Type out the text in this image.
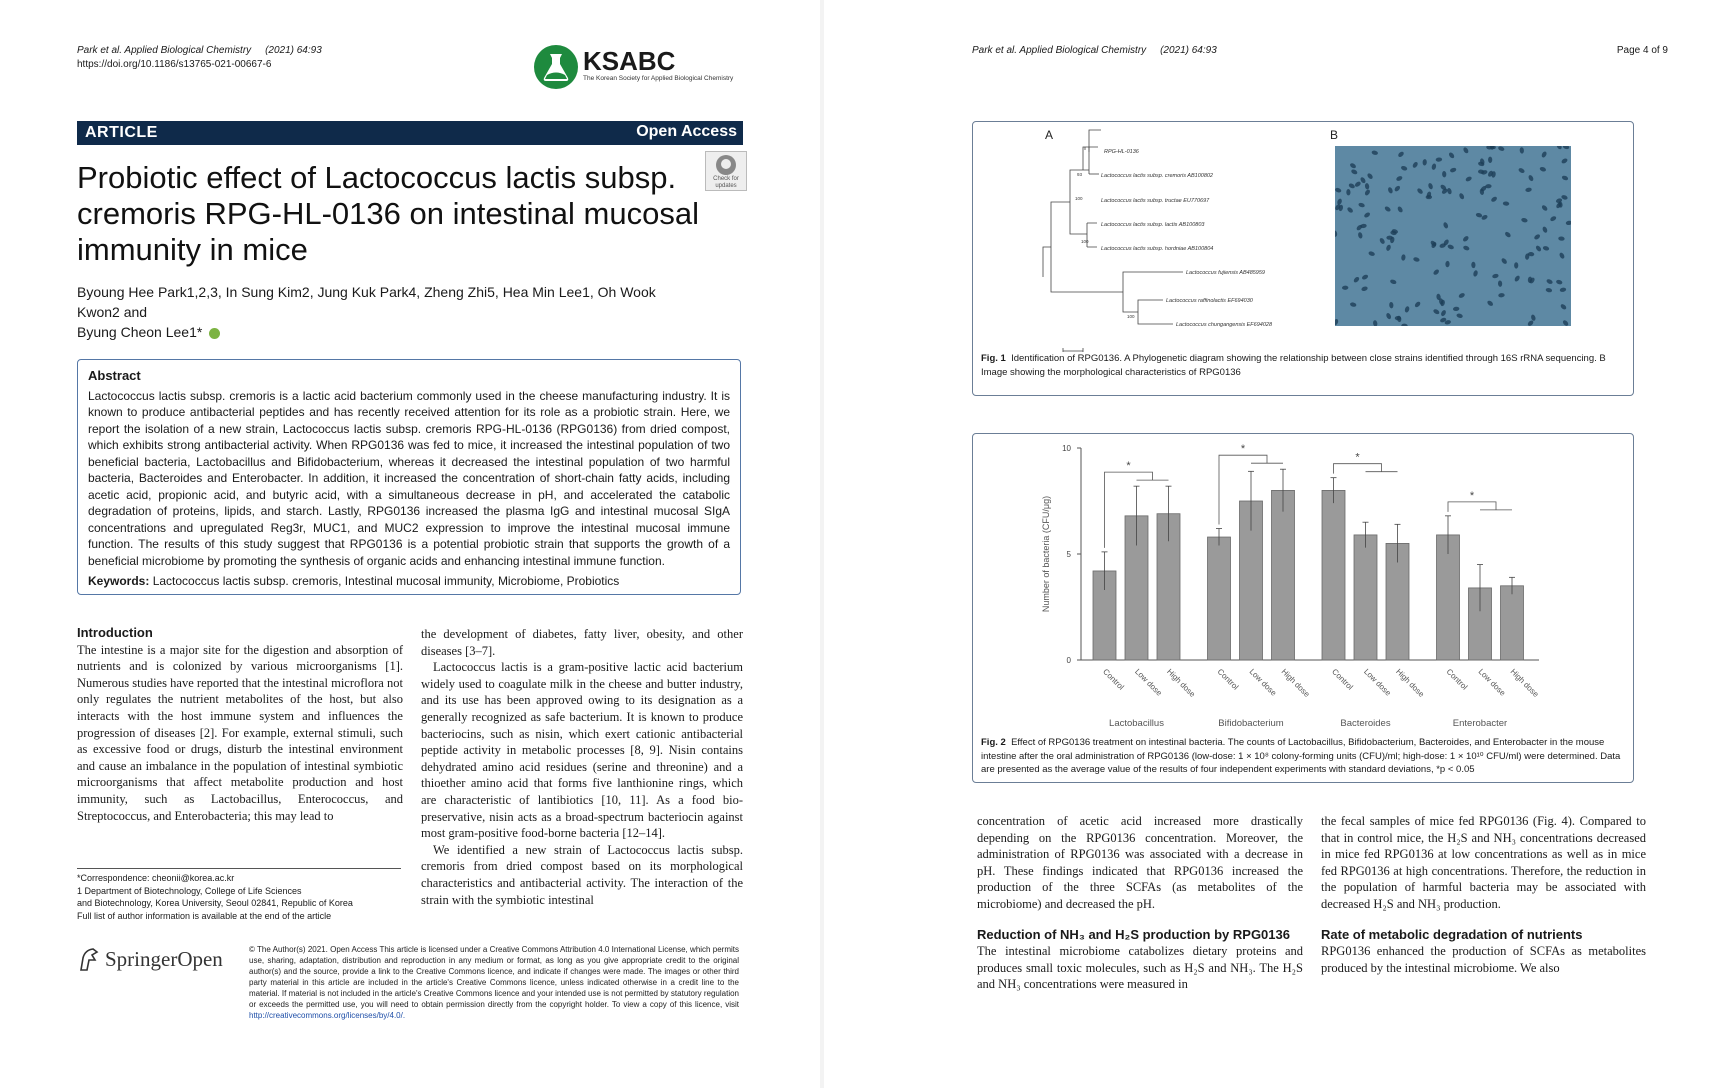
Park et al. Applied Biological Chemistry (2021) 64:93
https://doi.org/10.1186/s13765-021-00667-6	KSABC
The Korean Society for Applied Biological Chemistry
ARTICLE	Open Access
Check for updates
Probiotic effect of Lactococcus lactis subsp.
cremoris RPG-HL-0136 on intestinal mucosal
immunity in mice
Byoung Hee Park1,2,3, In Sung Kim2, Jung Kuk Park4, Zheng Zhi5, Hea Min Lee1, Oh Wook Kwon2 and
Byung Cheon Lee1*
Abstract

Lactococcus lactis subsp. cremoris is a lactic acid bacterium commonly used in the cheese manufacturing industry. It is known to produce antibacterial peptides and has recently received attention for its role as a probiotic strain. Here, we report the isolation of a new strain, Lactococcus lactis subsp. cremoris RPG-HL-0136 (RPG0136) from dried compost, which exhibits strong antibacterial activity. When RPG0136 was fed to mice, it increased the intestinal population of two beneficial bacteria, Lactobacillus and Bifidobacterium, whereas it decreased the intestinal population of two harmful bacteria, Bacteroides and Enterobacter. In addition, it increased the concentration of short-chain fatty acids, including acetic acid, propionic acid, and butyric acid, with a simultaneous decrease in pH, and accelerated the catabolic degradation of proteins, lipids, and starch. Lastly, RPG0136 increased the plasma IgG and intestinal mucosal SIgA concentrations and upregulated Reg3r, MUC1, and MUC2 expression to improve the intestinal mucosal immune function. The results of this study suggest that RPG0136 is a potential probiotic strain that supports the growth of a beneficial microbiome by promoting the synthesis of organic acids and enhancing intestinal immune function.

Keywords: Lactococcus lactis subsp. cremoris, Intestinal mucosal immunity, Microbiome, Probiotics
Introduction

The intestine is a major site for the digestion and absorption of nutrients and is colonized by various microorganisms [1]. Numerous studies have reported that the intestinal microflora not only regulates the nutrient metabolites of the host, but also interacts with the host immune system and influences the progression of diseases [2]. For example, external stimuli, such as excessive food or drugs, disturb the intestinal environment and cause an imbalance in the population of intestinal symbiotic microorganisms that affect metabolite production and host immunity, such as Lactobacillus, Enterococcus, and Streptococcus, and Enterobacteria; this may lead to

the development of diabetes, fatty liver, obesity, and other diseases [3–7].

Lactococcus lactis is a gram-positive lactic acid bacterium widely used to coagulate milk in the cheese and butter industry, and its use has been approved owing to its designation as a generally recognized as safe bacterium. It is known to produce bacteriocins, such as nisin, which exert cationic antibacterial peptide activity in metabolic processes [8, 9]. Nisin contains dehydrated amino acid residues (serine and threonine) and a thioether amino acid that forms five lanthionine rings, which are characteristic of lantibiotics [10, 11]. As a food bio-preservative, nisin acts as a broad-spectrum bacteriocin against most gram-positive food-borne bacteria [12–14].

We identified a new strain of Lactococcus lactis subsp. cremoris from dried compost based on its morphological characteristics and antibacterial activity. The interaction of the strain with the symbiotic intestinal

*Correspondence: cheonii@korea.ac.kr
1 Department of Biotechnology, College of Life Sciences
and Biotechnology, Korea University, Seoul 02841, Republic of Korea
Full list of author information is available at the end of the article
SpringerOpen	© The Author(s) 2021. Open Access This article is licensed under a Creative Commons Attribution 4.0 International License, which permits use, sharing, adaptation, distribution and reproduction in any medium or format, as long as you give appropriate credit to the original author(s) and the source, provide a link to the Creative Commons licence, and indicate if changes were made. The images or other third party material in this article are included in the article's Creative Commons licence, unless indicated otherwise in a credit line to the material. If material is not included in the article's Creative Commons licence and your intended use is not permitted by statutory regulation or exceeds the permitted use, you will need to obtain permission directly from the copyright holder. To view a copy of this licence, visit http://creativecommons.org/licenses/by/4.0/.
Park et al. Applied Biological Chemistry (2021) 64:93	Page 4 of 9
A	B
RPG-HL-0136
Lactococcus lactis subsp. cremoris AB100802
Lactococcus lactis subsp. tructae EU770697
Lactococcus lactis subsp. lactis AB100803
Lactococcus lactis subsp. hordniae AB100804
Lactococcus fujiensis AB485959
Lactococcus raffinolactis EF694030
Lactococcus chungangensis EF694028
93
100
100
100
Fig. 1 Identification of RPG0136. A Phylogenetic diagram showing the relationship between close strains identified through 16S rRNA sequencing. B Image showing the morphological characteristics of RPG0136
0
5
10
Number of bacteria (CFU/μg)
Control Low dose High dose
*
Lactobacillus
Control Low dose High dose
*
Bifidobacterium
Control Low dose High dose
*
Bacteroides
Control Low dose High dose
*
Enterobacter
Fig. 2 Effect of RPG0136 treatment on intestinal bacteria. The counts of Lactobacillus, Bifidobacterium, Bacteroides, and Enterobacter in the mouse intestine after the oral administration of RPG0136 (low-dose: 1 × 10⁸ colony-forming units (CFU)/ml; high-dose: 1 × 10¹⁰ CFU/ml) were determined. Data are presented as the average value of the results of four independent experiments with standard deviations, *p < 0.05

concentration of acetic acid increased more drastically depending on the RPG0136 concentration. Moreover, the administration of RPG0136 was associated with a decrease in pH. These findings indicated that RPG0136 increased the production of the three SCFAs (as metabolites of the microbiome) and decreased the pH.

Reduction of NH₃ and H₂S production by RPG0136

The intestinal microbiome catabolizes dietary proteins and produces small toxic molecules, such as H₂S and NH₃. The H₂S and NH₃ concentrations were measured in

the fecal samples of mice fed RPG0136 (Fig. 4). Compared to that in control mice, the H₂S and NH₃ concentrations decreased in mice fed RPG0136 at low concentrations as well as in mice fed RPG0136 at high concentrations. Therefore, the reduction in the population of harmful bacteria may be associated with decreased H₂S and NH₃ production.

Rate of metabolic degradation of nutrients

RPG0136 enhanced the production of SCFAs as metabolites produced by the intestinal microbiome. We also
